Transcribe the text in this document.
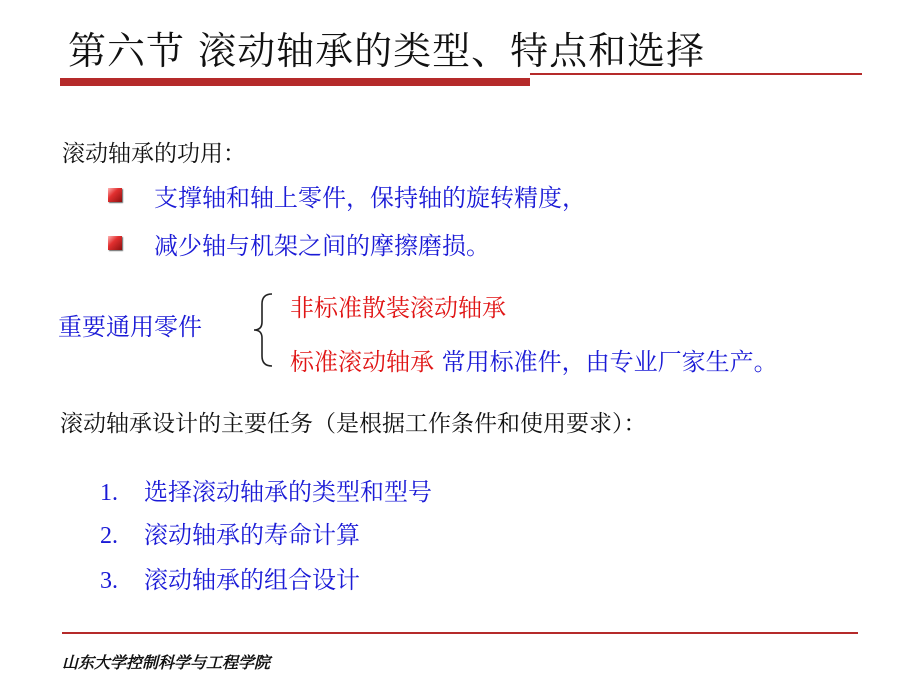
第六节 滚动轴承的类型、特点和选择
滚动轴承的功用：
支撑轴和轴上零件，保持轴的旋转精度，
减少轴与机架之间的摩擦磨损。
重要通用零件
非标准散装滚动轴承
标准滚动轴承 常用标准件，由专业厂家生产。
滚动轴承设计的主要任务（是根据工作条件和使用要求）：
1. 选择滚动轴承的类型和型号
2. 滚动轴承的寿命计算
3. 滚动轴承的组合设计
山东大学控制科学与工程学院
